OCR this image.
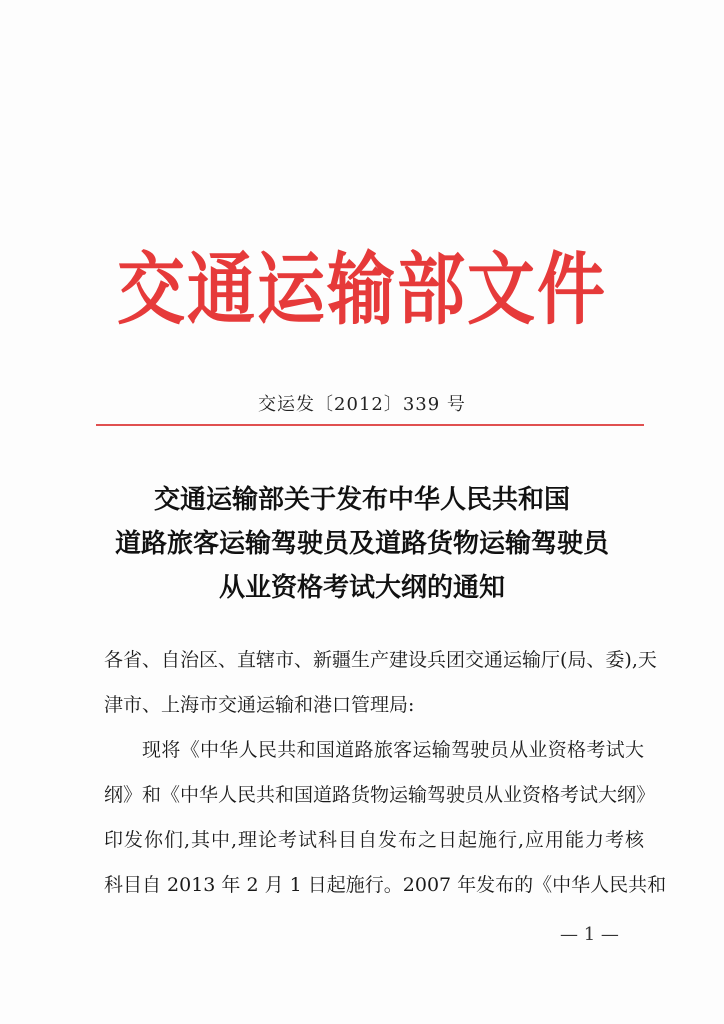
交通运输部文件
交运发〔2012〕339 号
交通运输部关于发布中华人民共和国
道路旅客运输驾驶员及道路货物运输驾驶员
从业资格考试大纲的通知
各省、自治区、直辖市、新疆生产建设兵团交通运输厅(局、委),天
津市、上海市交通运输和港口管理局:
现将《中华人民共和国道路旅客运输驾驶员从业资格考试大
纲》和《中华人民共和国道路货物运输驾驶员从业资格考试大纲》
印发你们,其中,理论考试科目自发布之日起施行,应用能力考核
科目自 2013 年 2 月 1 日起施行。2007 年发布的《中华人民共和
— 1 —
